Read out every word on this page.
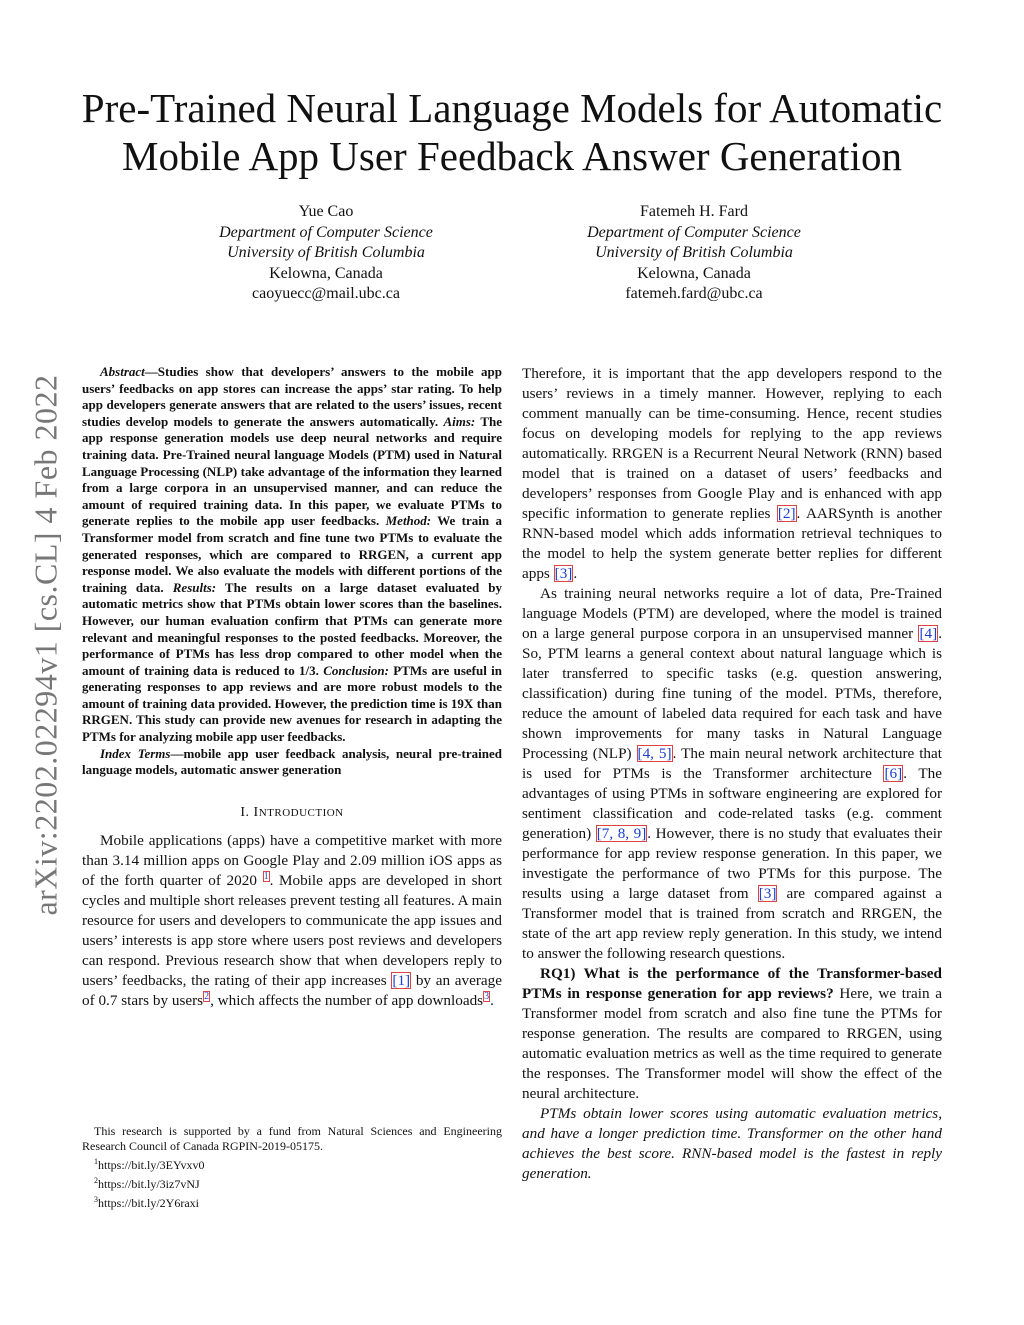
Pre-Trained Neural Language Models for Automatic Mobile App User Feedback Answer Generation
Yue Cao
Department of Computer Science
University of British Columbia
Kelowna, Canada
caoyuecc@mail.ubc.ca
Fatemeh H. Fard
Department of Computer Science
University of British Columbia
Kelowna, Canada
fatemeh.fard@ubc.ca
arXiv:2202.02294v1 [cs.CL] 4 Feb 2022

Abstract—Studies show that developers’ answers to the mobile app users’ feedbacks on app stores can increase the apps’ star rating. To help app developers generate answers that are related to the users’ issues, recent studies develop models to generate the answers automatically. Aims: The app response generation models use deep neural networks and require training data. Pre-Trained neural language Models (PTM) used in Natural Language Processing (NLP) take advantage of the information they learned from a large corpora in an unsupervised manner, and can reduce the amount of required training data. In this paper, we evaluate PTMs to generate replies to the mobile app user feedbacks. Method: We train a Transformer model from scratch and fine tune two PTMs to evaluate the generated responses, which are compared to RRGEN, a current app response model. We also evaluate the models with different portions of the training data. Results: The results on a large dataset evaluated by automatic metrics show that PTMs obtain lower scores than the baselines. However, our human evaluation confirm that PTMs can generate more relevant and meaningful responses to the posted feedbacks. Moreover, the performance of PTMs has less drop compared to other model when the amount of training data is reduced to 1/3. Conclusion: PTMs are useful in generating responses to app reviews and are more robust models to the amount of training data provided. However, the prediction time is 19X than RRGEN. This study can provide new avenues for research in adapting the PTMs for analyzing mobile app user feedbacks.

Index Terms—mobile app user feedback analysis, neural pre-trained language models, automatic answer generation

I. INTRODUCTION

Mobile applications (apps) have a competitive market with more than 3.14 million apps on Google Play and 2.09 million iOS apps as of the forth quarter of 2020 $^1$. Mobile apps are developed in short cycles and multiple short releases prevent testing all features. A main resource for users and developers to communicate the app issues and users’ interests is app store where users post reviews and developers can respond. Previous research show that when developers reply to users’ feedbacks, the rating of their app increases [1] by an average of 0.7 stars by users$^2$, which affects the number of app downloads$^3$.

This research is supported by a fund from Natural Sciences and Engineering Research Council of Canada RGPIN-2019-05175.

$^1$https://bit.ly/3EYvxv0

$^2$https://bit.ly/3iz7vNJ

$^3$https://bit.ly/2Y6raxi

Therefore, it is important that the app developers respond to the users’ reviews in a timely manner. However, replying to each comment manually can be time-consuming. Hence, recent studies focus on developing models for replying to the app reviews automatically. RRGEN is a Recurrent Neural Network (RNN) based model that is trained on a dataset of users’ feedbacks and developers’ responses from Google Play and is enhanced with app specific information to generate replies [2]. AARSynth is another RNN-based model which adds information retrieval techniques to the model to help the system generate better replies for different apps [3].

As training neural networks require a lot of data, Pre-Trained language Models (PTM) are developed, where the model is trained on a large general purpose corpora in an unsupervised manner [4]. So, PTM learns a general context about natural language which is later transferred to specific tasks (e.g. question answering, classification) during fine tuning of the model. PTMs, therefore, reduce the amount of labeled data required for each task and have shown improvements for many tasks in Natural Language Processing (NLP) [4, 5]. The main neural network architecture that is used for PTMs is the Transformer architecture [6]. The advantages of using PTMs in software engineering are explored for sentiment classification and code-related tasks (e.g. comment generation) [7, 8, 9]. However, there is no study that evaluates their performance for app review response generation. In this paper, we investigate the performance of two PTMs for this purpose. The results using a large dataset from [3] are compared against a Transformer model that is trained from scratch and RRGEN, the state of the art app review reply generation. In this study, we intend to answer the following research questions.

RQ1) What is the performance of the Transformer-based PTMs in response generation for app reviews? Here, we train a Transformer model from scratch and also fine tune the PTMs for response generation. The results are compared to RRGEN, using automatic evaluation metrics as well as the time required to generate the responses. The Transformer model will show the effect of the neural architecture.

PTMs obtain lower scores using automatic evaluation metrics, and have a longer prediction time. Transformer on the other hand achieves the best score. RNN-based model is the fastest in reply generation.
